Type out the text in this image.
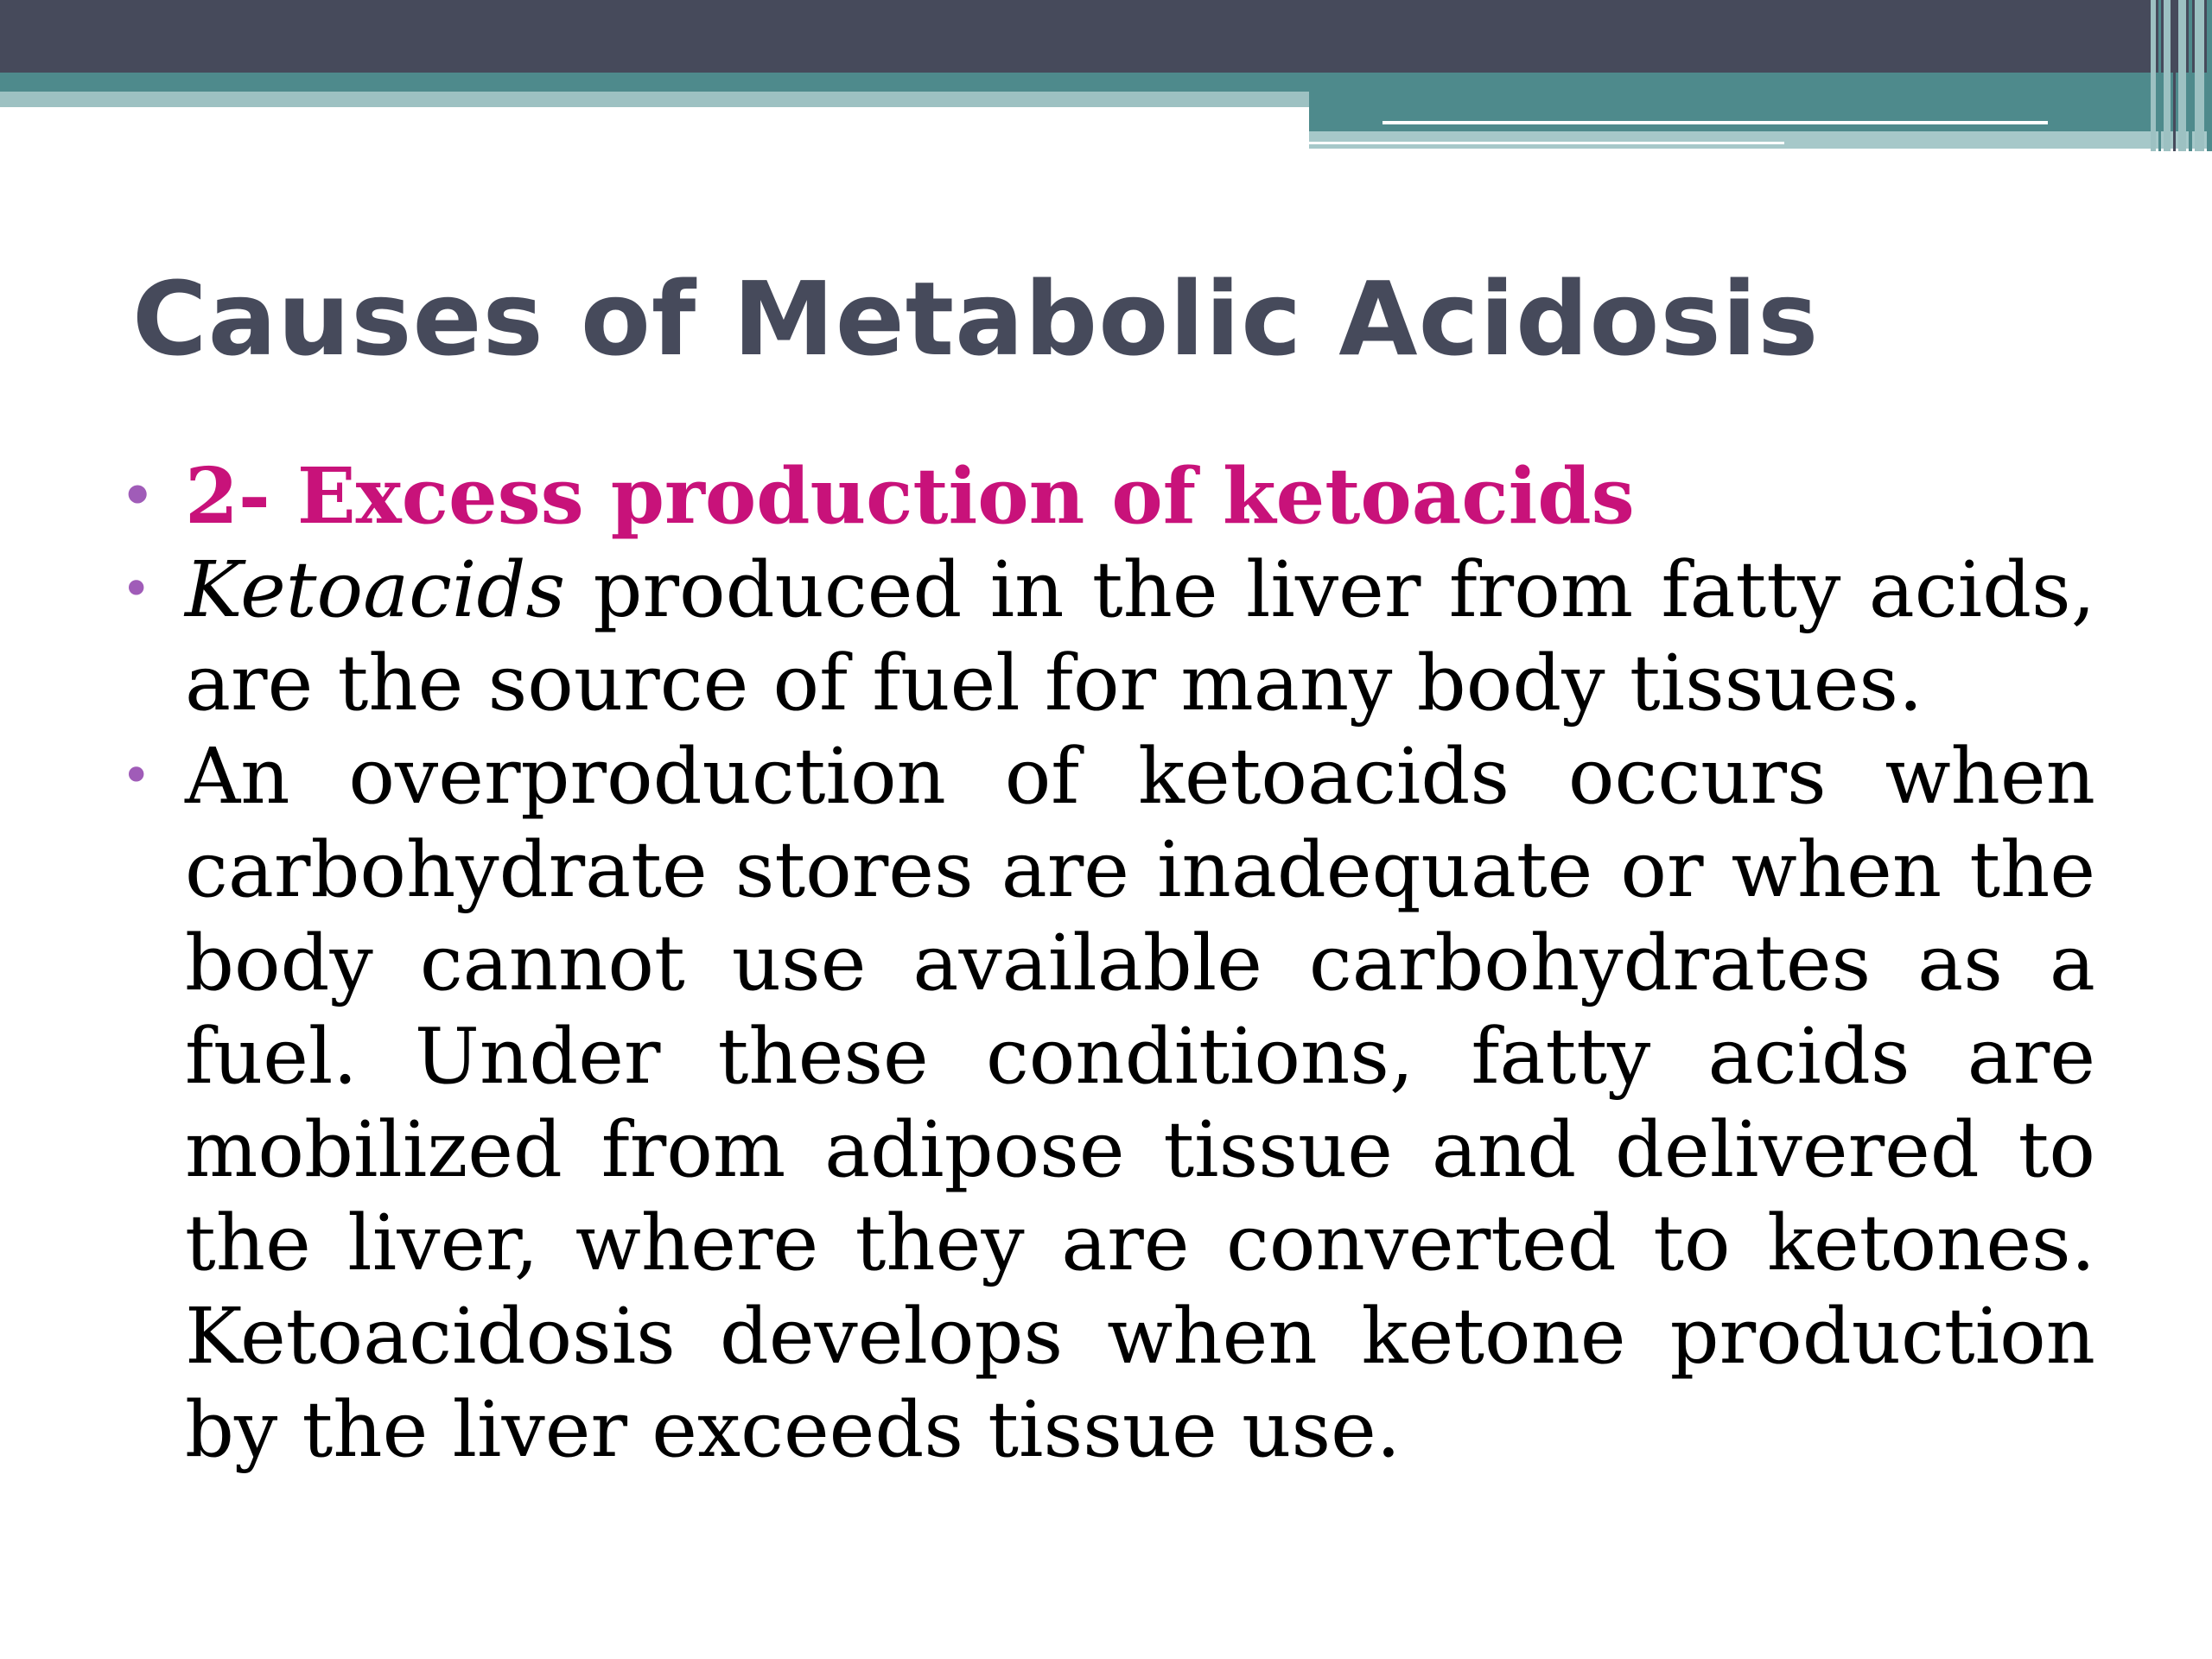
Causes of Metabolic Acidosis
• 2- Excess production of ketoacids
• Ketoacids produced in the liver from fatty acids, are the source of fuel for many body tissues.
• An overproduction of ketoacids occurs when carbohydrate stores are inadequate or when the body cannot use available carbohydrates as a fuel. Under these conditions, fatty acids are mobilized from adipose tissue and delivered to the liver, where they are converted to ketones. Ketoacidosis develops when ketone production by the liver exceeds tissue use.
